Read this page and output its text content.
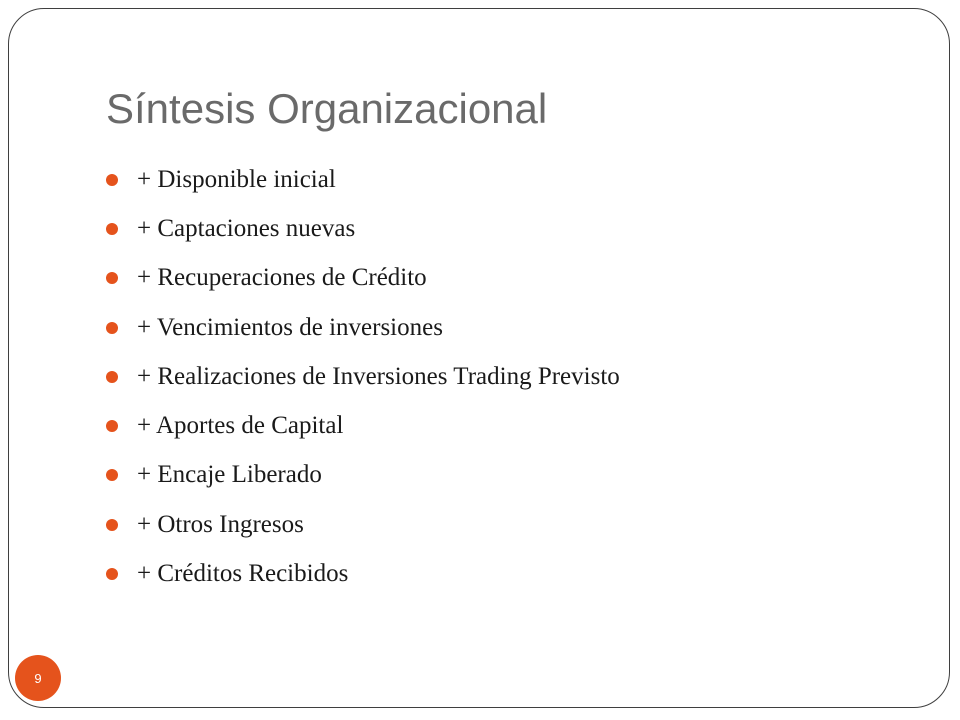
Síntesis Organizacional
+ Disponible inicial
+ Captaciones nuevas
+ Recuperaciones de Crédito
+ Vencimientos de inversiones
+ Realizaciones de Inversiones Trading Previsto
+ Aportes de Capital
+ Encaje Liberado
+ Otros Ingresos
+ Créditos Recibidos
9
